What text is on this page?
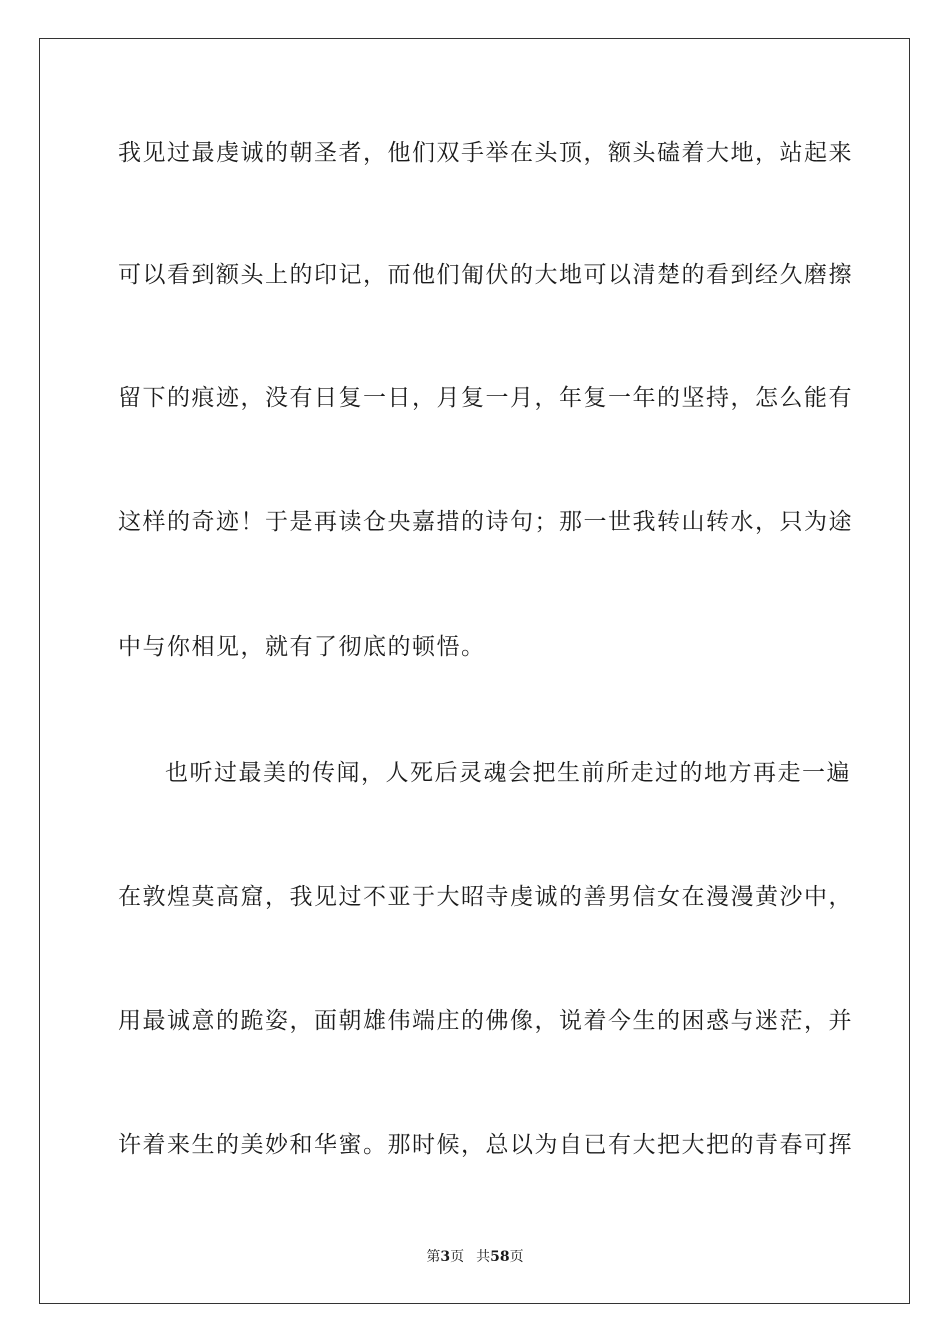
我见过最虔诚的朝圣者，他们双手举在头顶，额头磕着大地，站起来
可以看到额头上的印记，而他们匍伏的大地可以清楚的看到经久磨擦
留下的痕迹，没有日复一日，月复一月，年复一年的坚持，怎么能有
这样的奇迹！于是再读仓央嘉措的诗句；那一世我转山转水，只为途
中与你相见，就有了彻底的顿悟。
也听过最美的传闻，人死后灵魂会把生前所走过的地方再走一遍
在敦煌莫高窟，我见过不亚于大昭寺虔诚的善男信女在漫漫黄沙中，
用最诚意的跪姿，面朝雄伟端庄的佛像，说着今生的困惑与迷茫，并
许着来生的美妙和华蜜。那时候，总以为自已有大把大把的青春可挥
第3页 共58页
